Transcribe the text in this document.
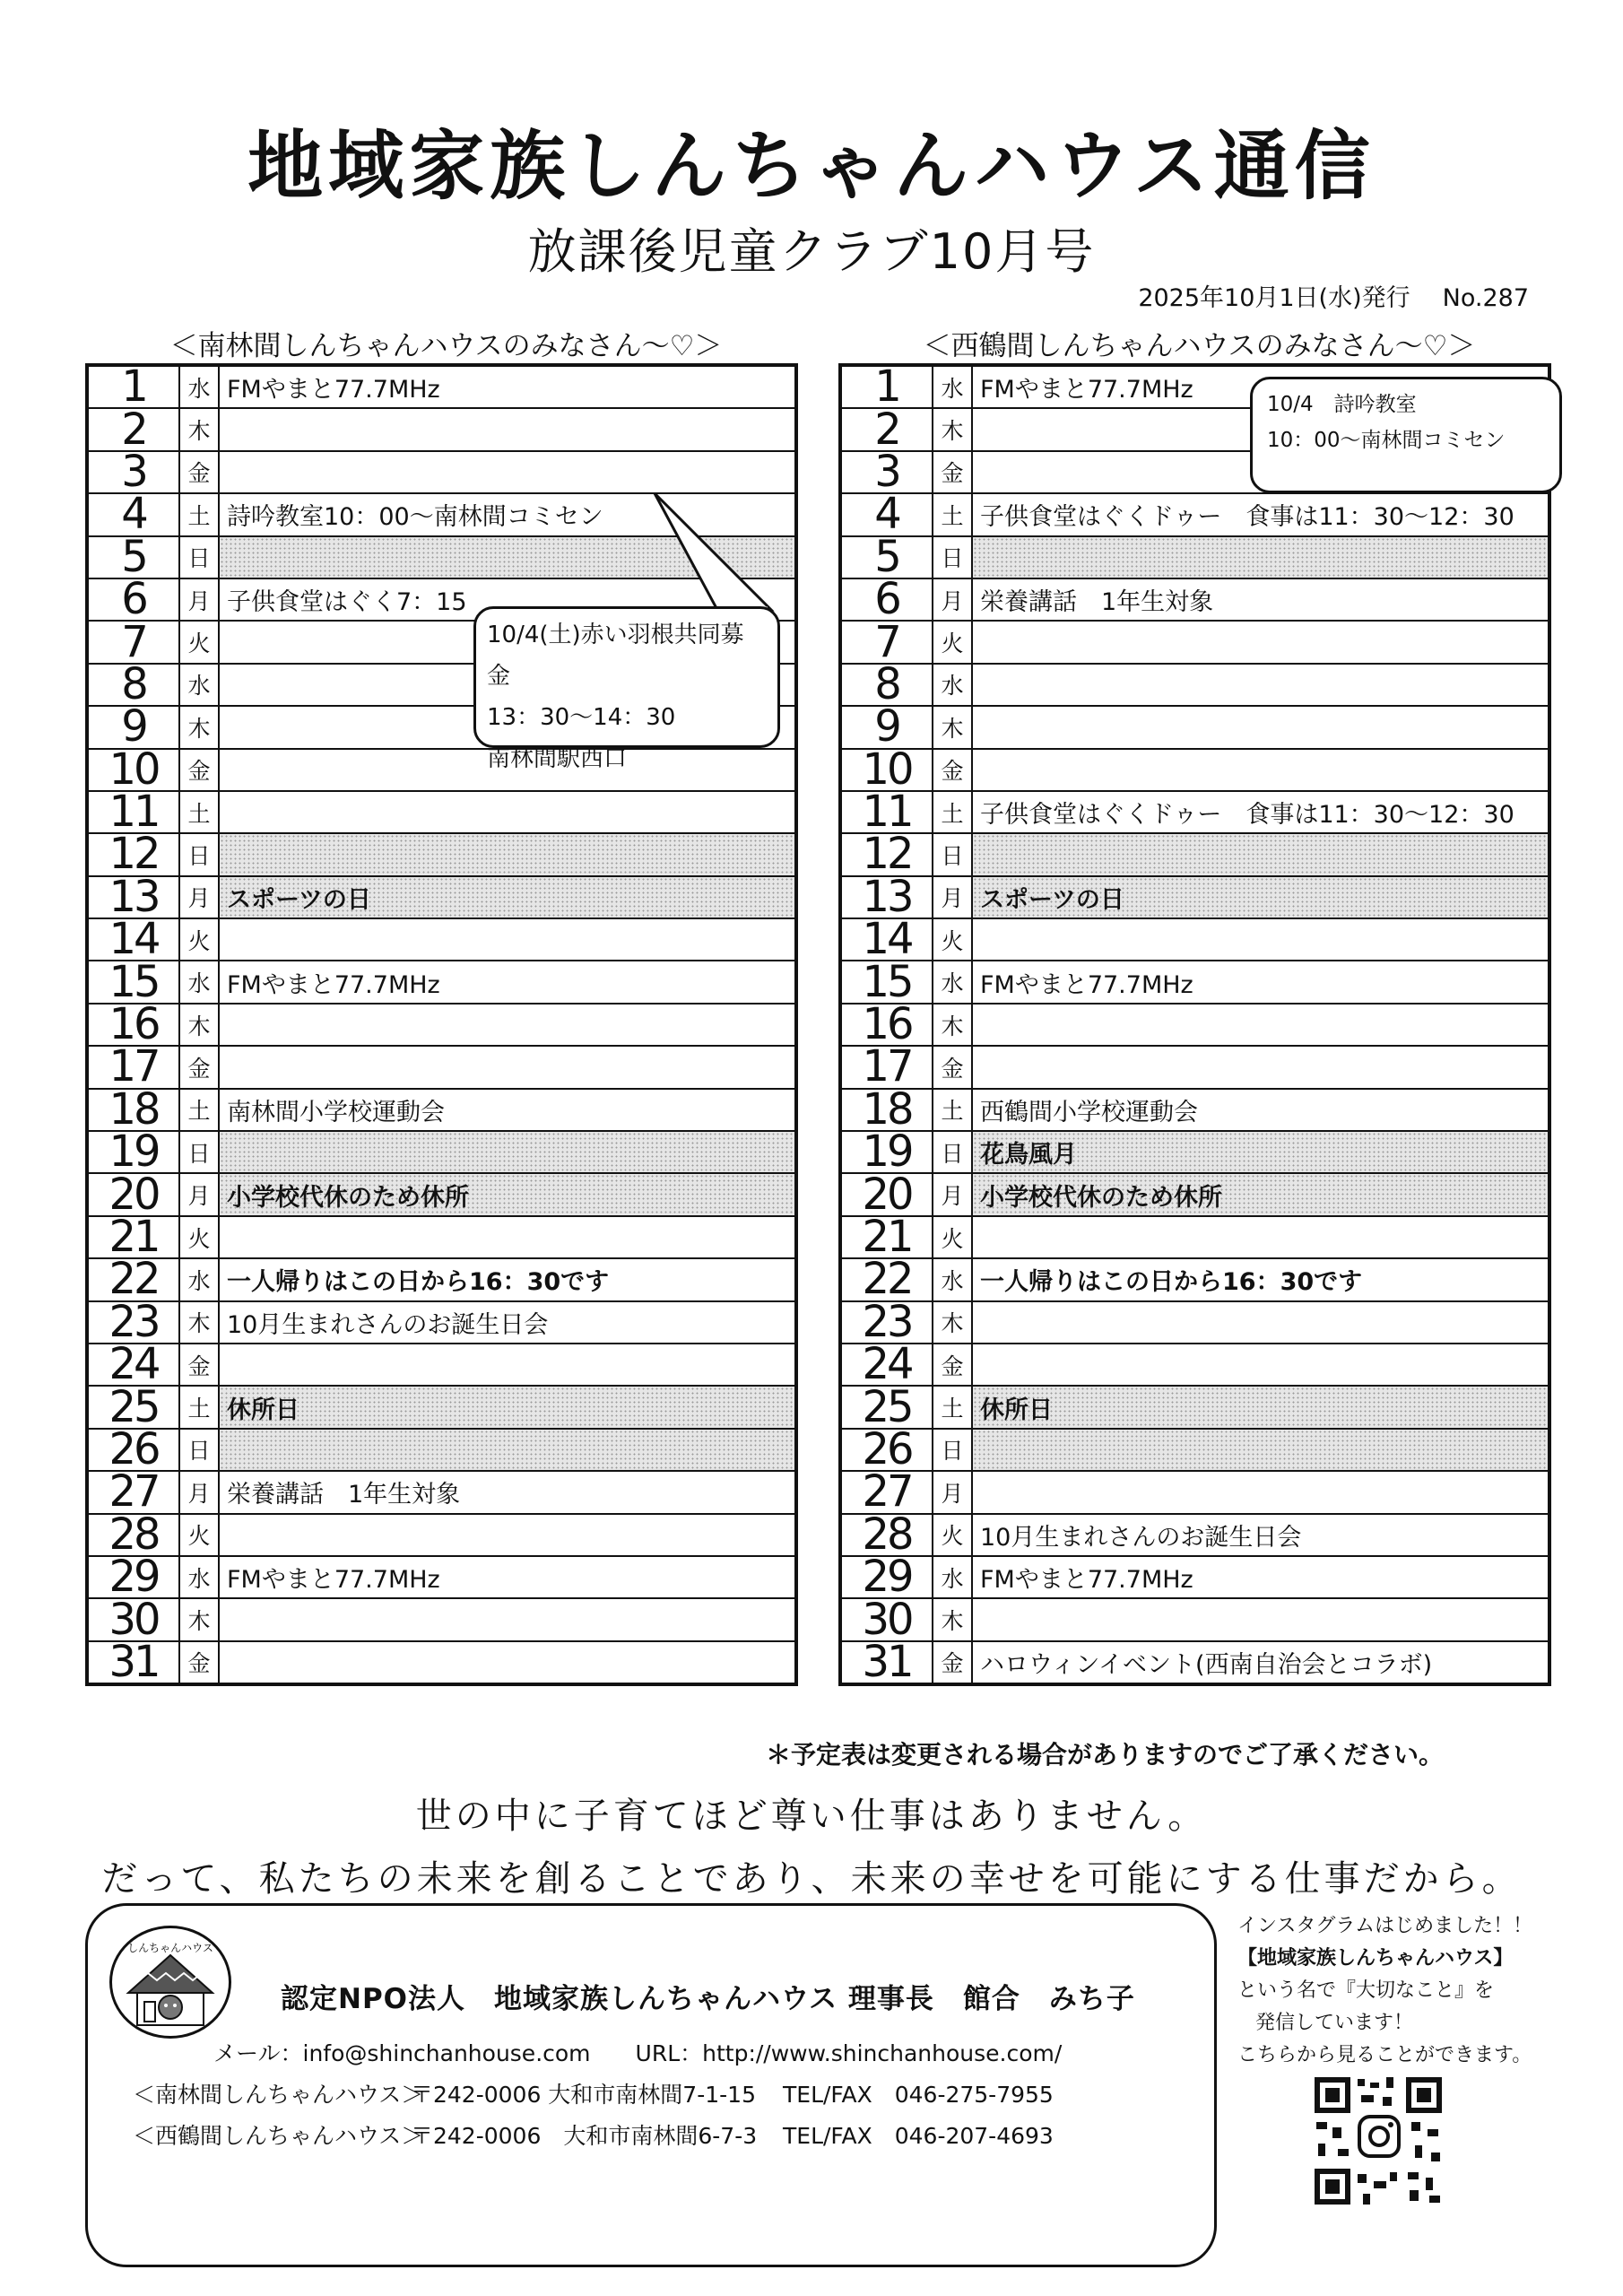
地域家族しんちゃんハウス通信
放課後児童クラブ10月号
2025年10月1日(水)発行 No.287
＜南林間しんちゃんハウスのみなさん〜♡＞	＜西鶴間しんちゃんハウスのみなさん〜♡＞
1	水	FMやまと77.7MHz
2	木	
3	金	
4	土	詩吟教室10：00〜南林間コミセン
5	日	
6	月	子供食堂はぐく7：15
7	火	
8	水	
9	木	
10	金	
11	土	
12	日	
13	月	スポーツの日
14	火	
15	水	FMやまと77.7MHz
16	木	
17	金	
18	土	南林間小学校運動会
19	日	
20	月	小学校代休のため休所
21	火	
22	水	一人帰りはこの日から16：30です
23	木	10月生まれさんのお誕生日会
24	金	
25	土	休所日
26	日	
27	月	栄養講話　1年生対象
28	火	
29	水	FMやまと77.7MHz
30	木	
31	金	
1	水	FMやまと77.7MHz
2	木	
3	金	
4	土	子供食堂はぐくドゥー　食事は11：30〜12：30
5	日	
6	月	栄養講話　1年生対象
7	火	
8	水	
9	木	
10	金	
11	土	子供食堂はぐくドゥー　食事は11：30〜12：30
12	日	
13	月	スポーツの日
14	火	
15	水	FMやまと77.7MHz
16	木	
17	金	
18	土	西鶴間小学校運動会
19	日	花鳥風月
20	月	小学校代休のため休所
21	火	
22	水	一人帰りはこの日から16：30です
23	木	
24	金	
25	土	休所日
26	日	
27	月	
28	火	10月生まれさんのお誕生日会
29	水	FMやまと77.7MHz
30	木	
31	金	ハロウィンイベント(西南自治会とコラボ)
10/4(土)赤い羽根共同募金
13：30〜14：30
南林間駅西口
10/4　詩吟教室
10：00〜南林間コミセン
＊予定表は変更される場合がありますのでご了承ください。
世の中に子育てほど尊い仕事はありません。
だって、私たちの未来を創ることであり、未来の幸せを可能にする仕事だから。
しんちゃんハウス
認定NPO法人　地域家族しんちゃんハウス 理事長　館合　みち子
メール：info@shinchanhouse.com URL：http://www.shinchanhouse.com/
＜南林間しんちゃんハウス＞〒242-0006 大和市南林間7-1-15 TEL/FAX　046-275-7955
＜西鶴間しんちゃんハウス＞〒242-0006　大和市南林間6-7-3 TEL/FAX　046-207-4693
インスタグラムはじめました！！
【地域家族しんちゃんハウス】
という名で『大切なこと』を
発信しています！
こちらから見ることができます。
